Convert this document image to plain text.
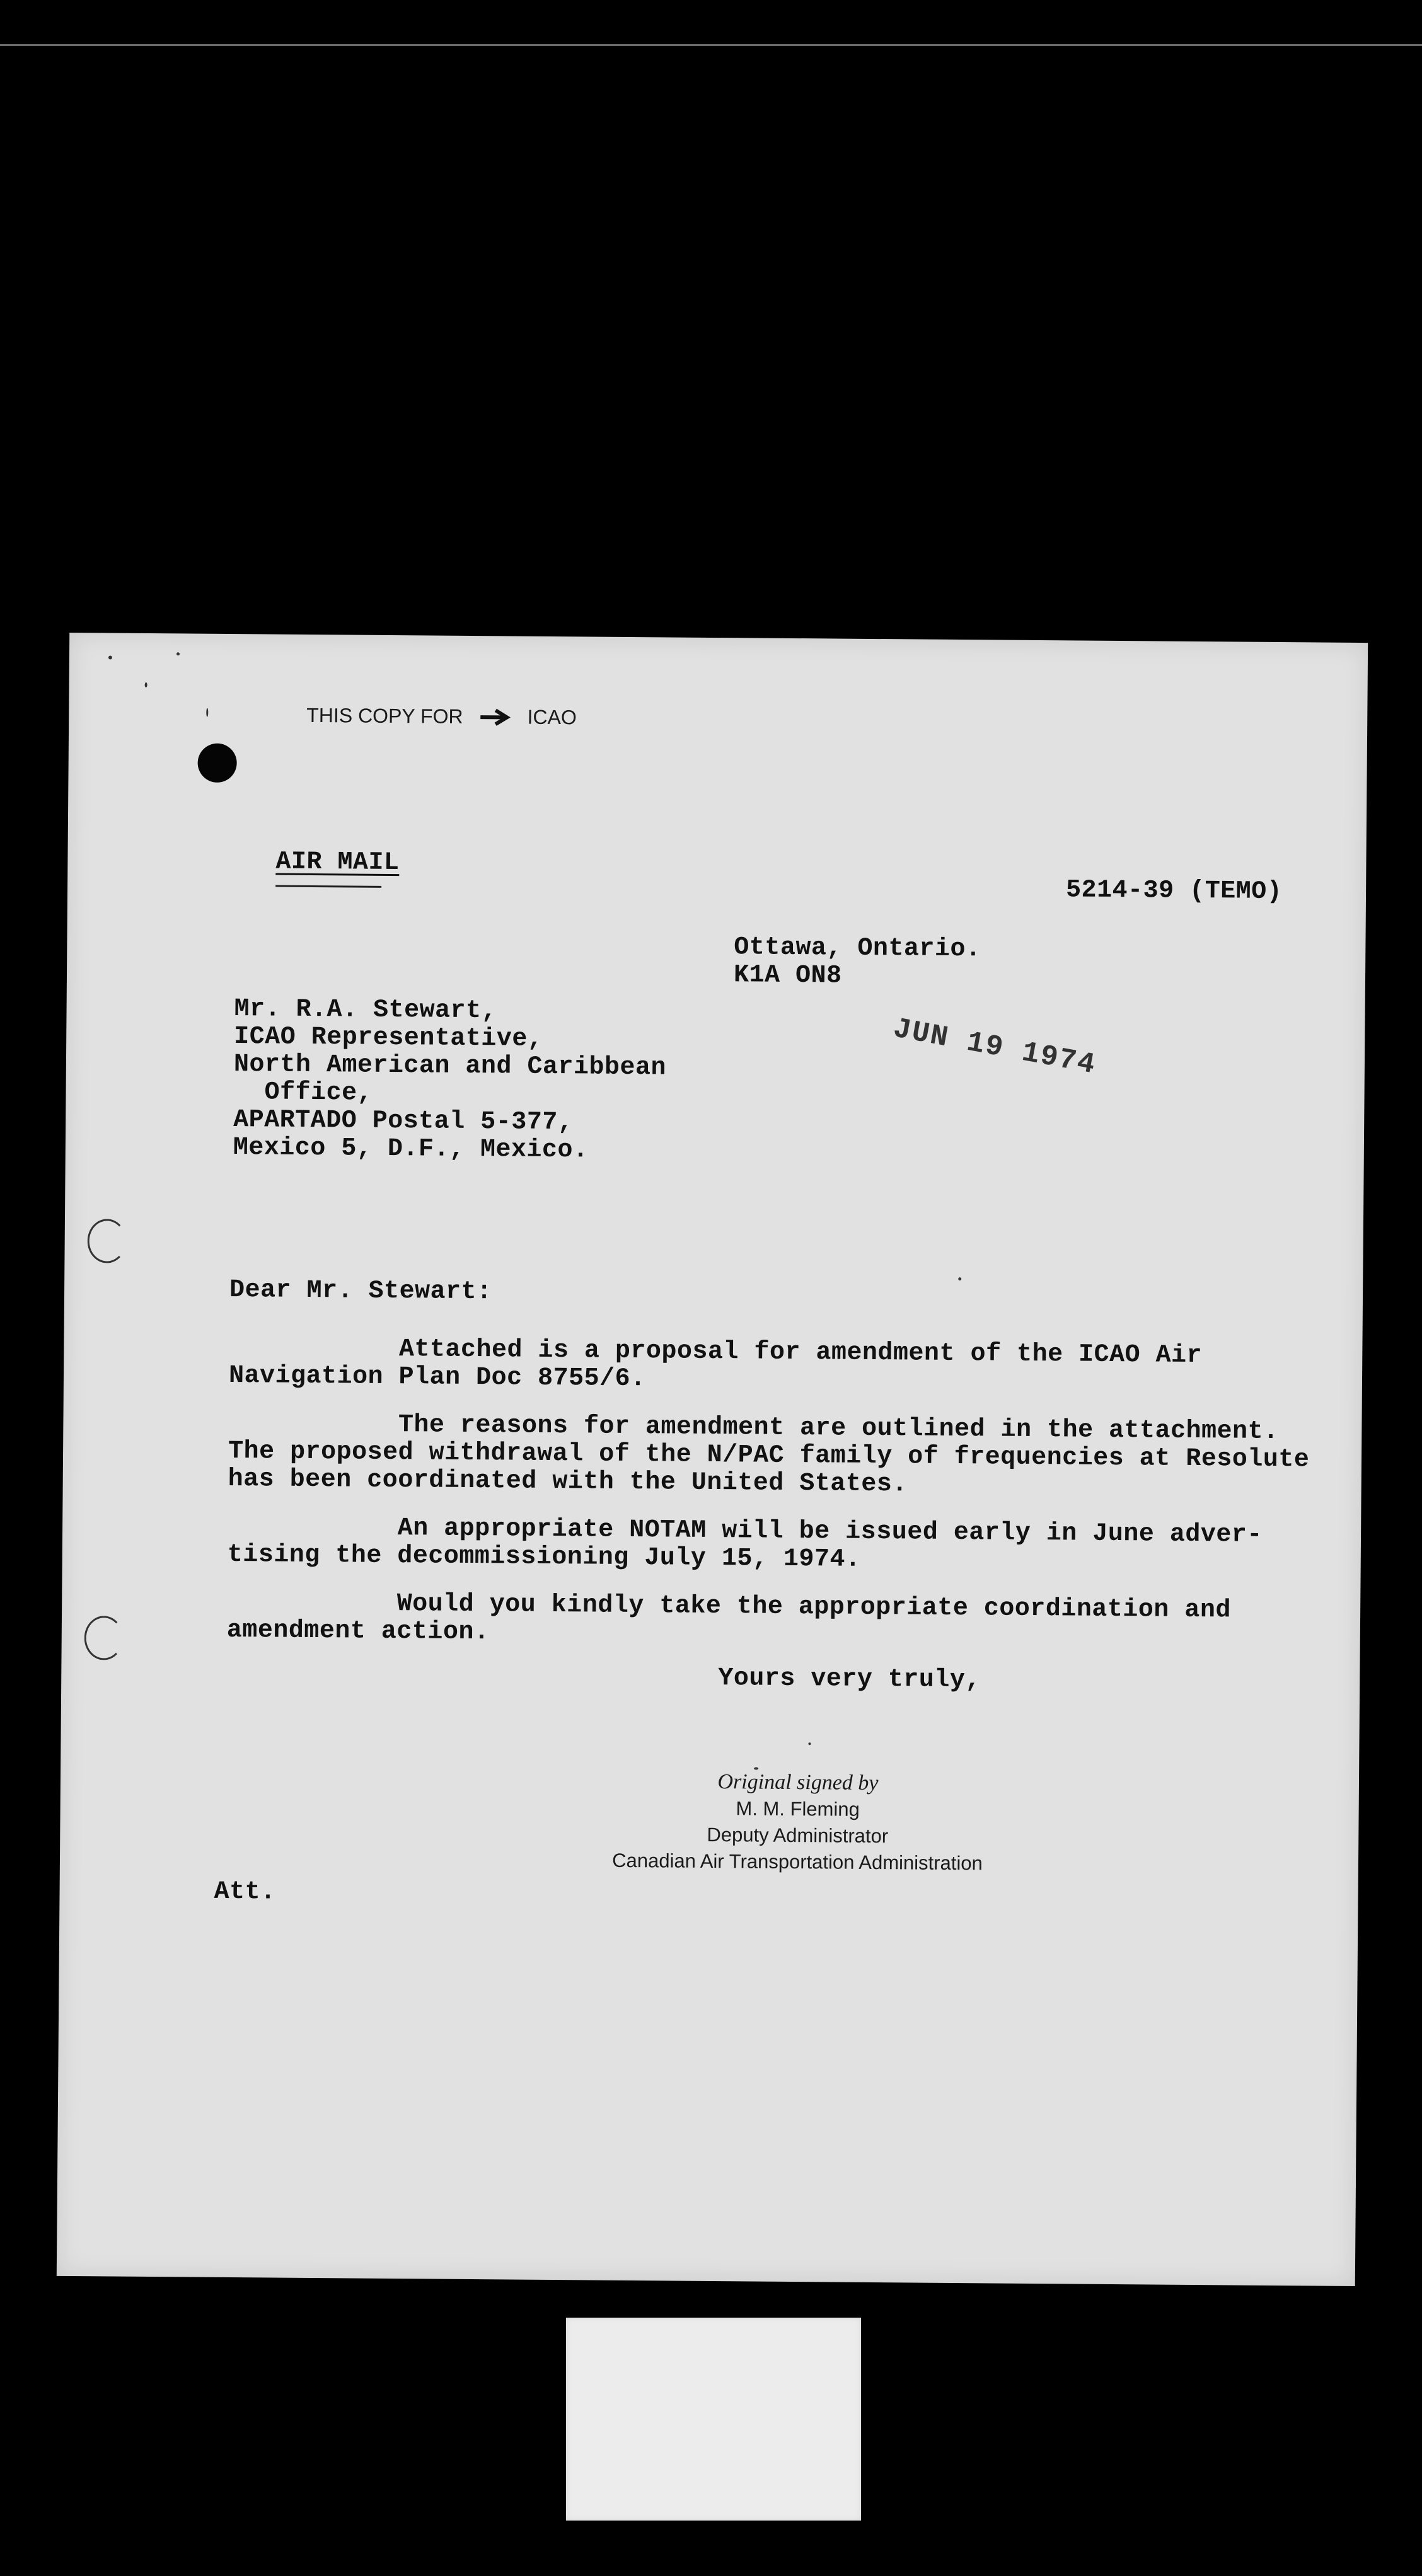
THIS COPY FOR	ICAO
AIR MAIL
5214-39 (TEMO)
Ottawa, Ontario.
K1A ON8
Mr. R.A. Stewart,
ICAO Representative,
North American and Caribbean
Office,
APARTADO Postal 5-377,
Mexico 5, D.F., Mexico.
JUN 19 1974
Dear Mr. Stewart:
Attached is a proposal for amendment of the ICAO Air
Navigation Plan Doc 8755/6.
The reasons for amendment are outlined in the attachment.
The proposed withdrawal of the N/PAC family of frequencies at Resolute
has been coordinated with the United States.
An appropriate NOTAM will be issued early in June adver-
tising the decommissioning July 15, 1974.
Would you kindly take the appropriate coordination and
amendment action.
Yours very truly,
Original signed by
M. M. Fleming
Deputy Administrator
Canadian Air Transportation Administration
Att.
